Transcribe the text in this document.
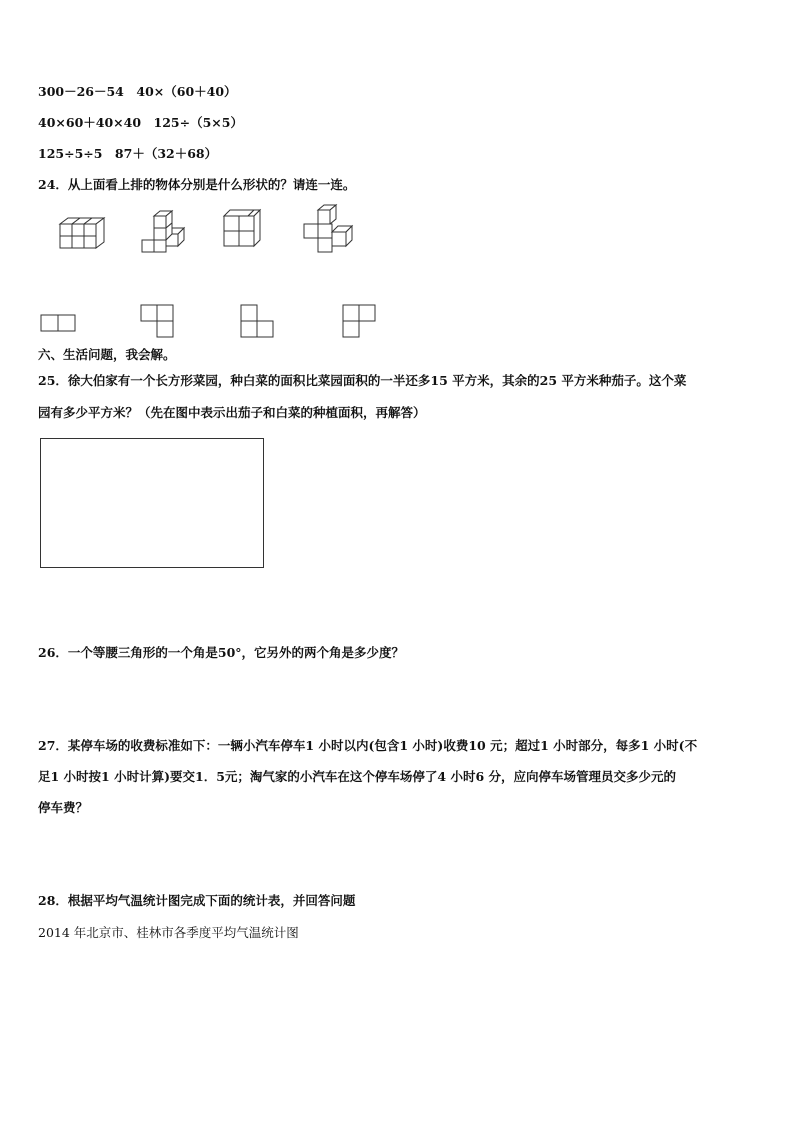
300－26－54　40×（60＋40）
40×60＋40×40　125÷（5×5）
125÷5÷5　87＋（32＋68）
24．从上面看上排的物体分别是什么形状的？请连一连。
六、生活问题，我会解。
25．徐大伯家有一个长方形菜园，种白菜的面积比菜园面积的一半还多15 平方米，其余的25 平方米种茄子。这个菜
园有多少平方米？（先在图中表示出茄子和白菜的种植面积，再解答）
26．一个等腰三角形的一个角是50°，它另外的两个角是多少度？
27．某停车场的收费标准如下：一辆小汽车停车1 小时以内(包含1 小时)收费10 元；超过1 小时部分，每多1 小时(不
足1 小时按1 小时计算)要交1．5元；淘气家的小汽车在这个停车场停了4 小时6 分，应向停车场管理员交多少元的
停车费？
28．根据平均气温统计图完成下面的统计表，并回答问题
2014 年北京市、桂林市各季度平均气温统计图
